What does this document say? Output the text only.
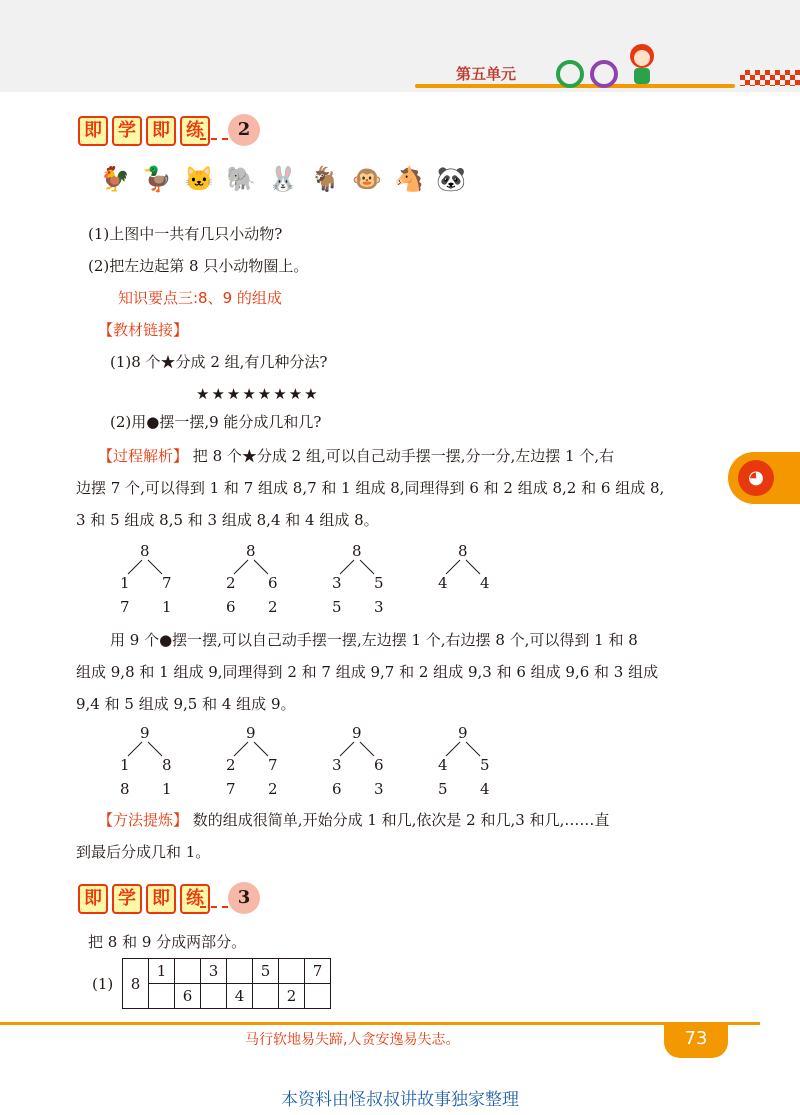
第五单元
即 学 即 练	2
🐓 🦆 🐱 🐘 🐰 🐐 🐵 🐴 🐼
(1)上图中一共有几只小动物?
(2)把左边起第 8 只小动物圈上。
知识要点三:8、9 的组成
【教材链接】
(1)8 个★分成 2 组,有几种分法?
★★★★★★★★
(2)用●摆一摆,9 能分成几和几?
【过程解析】 把 8 个★分成 2 组,可以自己动手摆一摆,分一分,左边摆 1 个,右
边摆 7 个,可以得到 1 和 7 组成 8,7 和 1 组成 8,同理得到 6 和 2 组成 8,2 和 6 组成 8,
3 和 5 组成 8,5 和 3 组成 8,4 和 4 组成 8。
◕
8
1 7
7 1
8
2 6
6 2
8
3 5
5 3
8
4 4
用 9 个●摆一摆,可以自己动手摆一摆,左边摆 1 个,右边摆 8 个,可以得到 1 和 8
组成 9,8 和 1 组成 9,同理得到 2 和 7 组成 9,7 和 2 组成 9,3 和 6 组成 9,6 和 3 组成
9,4 和 5 组成 9,5 和 4 组成 9。
9
1 8
8 1
9
2 7
7 2
9
3 6
6 3
9
4 5
5 4
【方法提炼】 数的组成很简单,开始分成 1 和几,依次是 2 和几,3 和几,……直
到最后分成几和 1。
即 学 即 练	3
把 8 和 9 分成两部分。
(1) 8	1		3		5		7
		6		4		2	
73
马行软地易失蹄,人贪安逸易失志。
本资料由怪叔叔讲故事独家整理
